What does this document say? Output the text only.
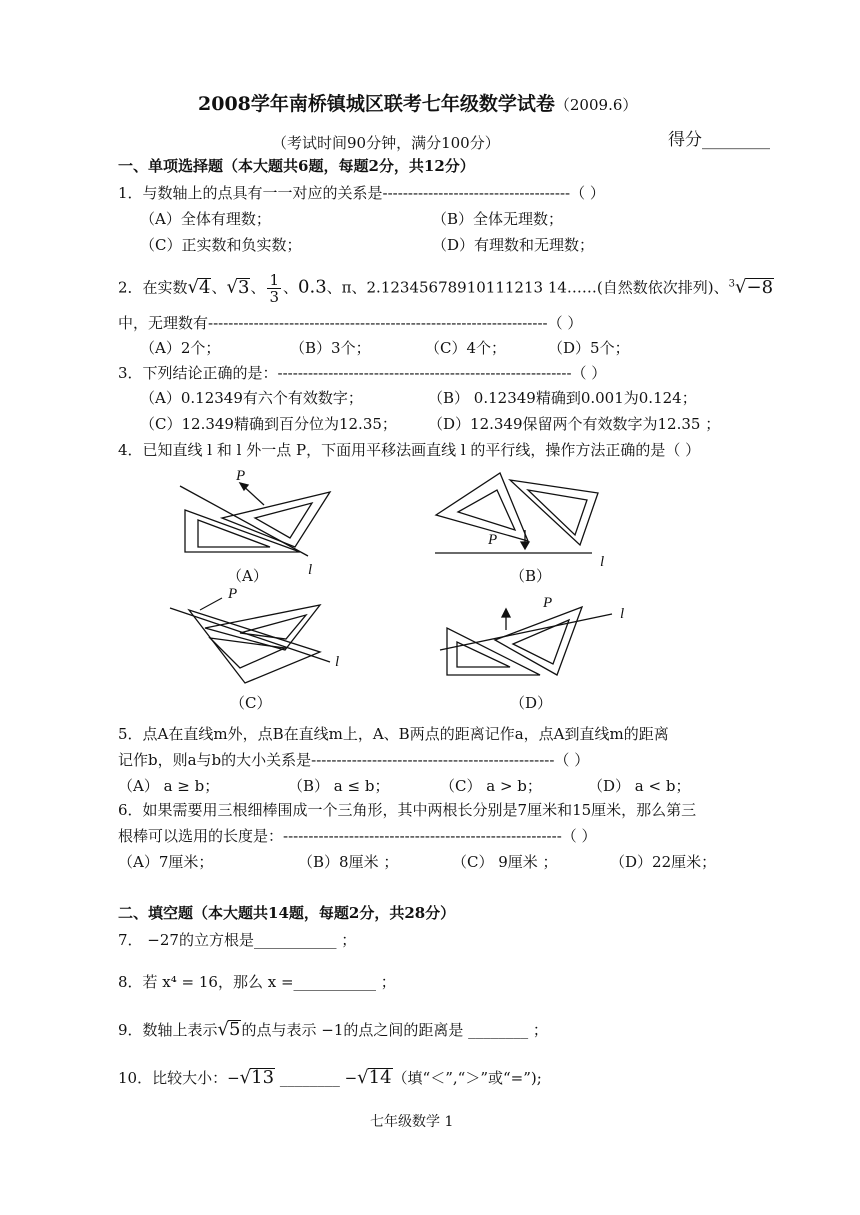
2008学年南桥镇城区联考七年级数学试卷（2009.6）
（考试时间90分钟，满分100分）	得分________
一、单项选择题（本大题共6题，每题2分，共12分）
1．与数轴上的点具有一一对应的关系是-------------------------------------（ ）
（A）全体有理数；	（B）全体无理数；
（C）正实数和负实数；	（D）有理数和无理数；
2．在实数√4、√3、 $\frac{1}{3}$ 、0.3、π、2.12345678910111213 14……(自然数依次排列)、$^3$√−8
中，无理数有-------------------------------------------------------------------（ ）
（A）2个；	（B）3个；	（C）4个；	（D）5个；
3．下列结论正确的是：----------------------------------------------------------（ ）
（A）0.12349有六个有效数字；	（B） 0.12349精确到0.001为0.124；
（C）12.349精确到百分位为12.35； （D）12.349保留两个有效数字为12.35 ；
4．已知直线 l 和 l 外一点 P，下面用平移法画直线 l 的平行线，操作方法正确的是（ ）
P
l
（A）
P
l
（B）
P
l
（C）
P
l
（D）
5．点A在直线m外，点B在直线m上，A、B两点的距离记作a，点A到直线m的距离
记作b，则a与b的大小关系是------------------------------------------------（ ）
（A） a ≥ b；	（B） a ≤ b；	（C） a > b；	（D） a < b；
6．如果需要用三根细棒围成一个三角形，其中两根长分别是7厘米和15厘米，那么第三
根棒可以选用的长度是：-------------------------------------------------------（ ）
（A）7厘米；	（B）8厘米 ；	（C） 9厘米 ；	（D）22厘米；
二、填空题（本大题共14题，每题2分，共28分）
7． −27的立方根是___________ ；
8．若 x⁴ = 16，那么 x =___________ ；
9．数轴上表示√5的点与表示 −1的点之间的距离是 ________ ；
10．比较大小：−√13 ________ −√14（填“＜”,“＞”或“=”);
七年级数学 1
